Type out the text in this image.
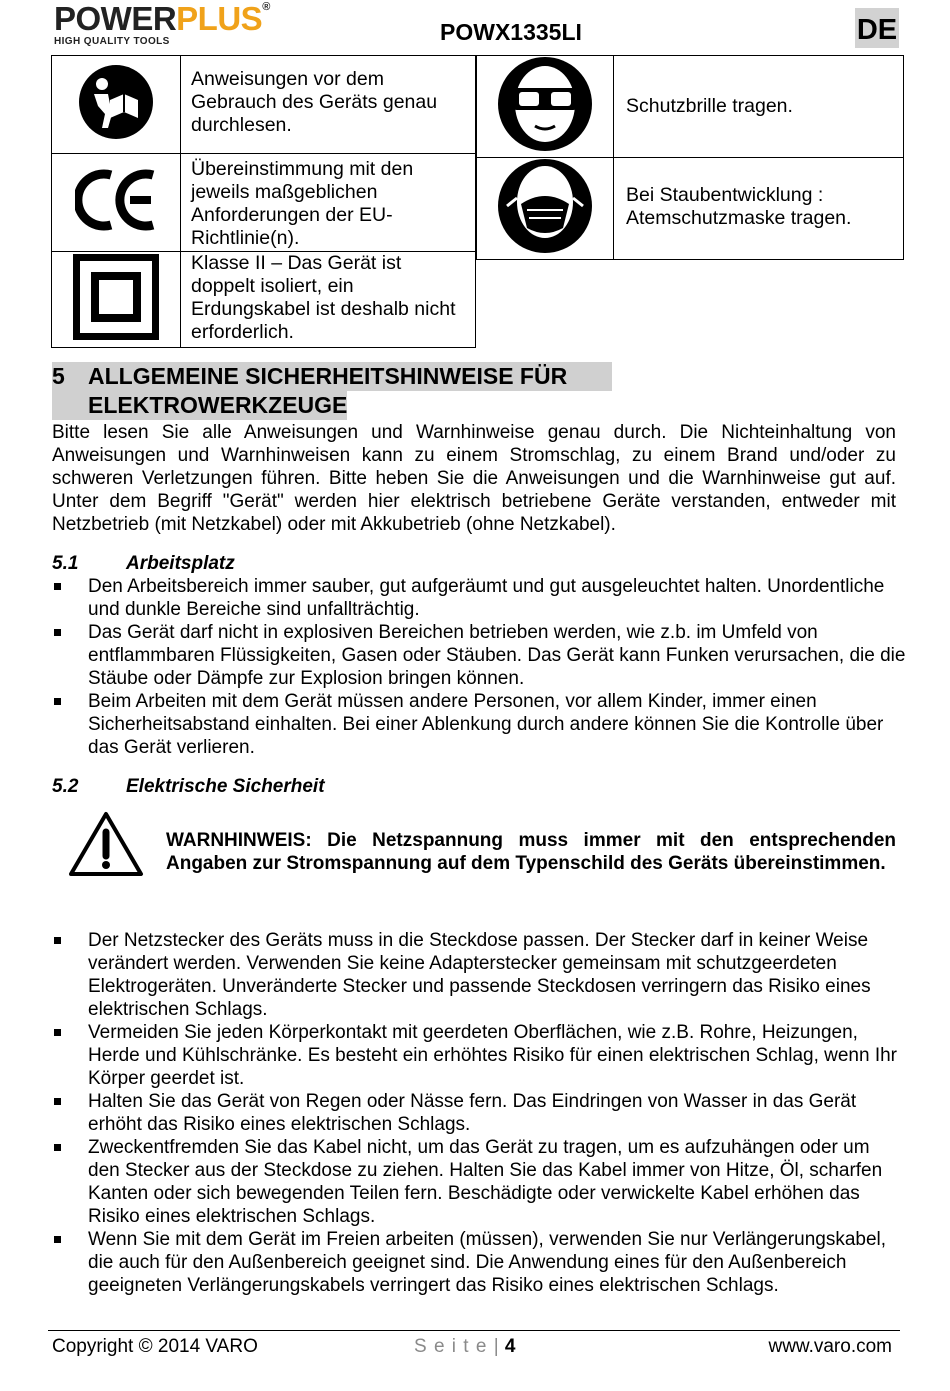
POWERPLUS®
HIGH QUALITY TOOLS	POWX1335LI	DE

Anweisungen vor dem Gebrauch des Geräts genau durchlesen.

Übereinstimmung mit den jeweils maßgeblichen Anforderungen der EU-Richtlinie(n).

Klasse II – Das Gerät ist doppelt isoliert, ein Erdungskabel ist deshalb nicht erforderlich.

Schutzbrille tragen.

Bei Staubentwicklung : Atemschutzmaske tragen.
5 ALLGEMEINE SICHERHEITSHINWEISE FÜR
ELEKTROWERKZEUGE
Bitte lesen Sie alle Anweisungen und Warnhinweise genau durch. Die Nichteinhaltung von Anweisungen und Warnhinweisen kann zu einem Stromschlag, zu einem Brand und/oder zu schweren Verletzungen führen. Bitte heben Sie die Anweisungen und die Warnhinweise gut auf. Unter dem Begriff "Gerät" werden hier elektrisch betriebene Geräte verstanden, entweder mit Netzbetrieb (mit Netzkabel) oder mit Akkubetrieb (ohne Netzkabel).
5.1	Arbeitsplatz
Den Arbeitsbereich immer sauber, gut aufgeräumt und gut ausgeleuchtet halten. Unordentliche und dunkle Bereiche sind unfallträchtig.
Das Gerät darf nicht in explosiven Bereichen betrieben werden, wie z.b. im Umfeld von entflammbaren Flüssigkeiten, Gasen oder Stäuben. Das Gerät kann Funken verursachen, die die Stäube oder Dämpfe zur Explosion bringen können.
Beim Arbeiten mit dem Gerät müssen andere Personen, vor allem Kinder, immer einen Sicherheitsabstand einhalten. Bei einer Ablenkung durch andere können Sie die Kontrolle über das Gerät verlieren.
5.2	Elektrische Sicherheit
WARNHINWEIS: Die Netzspannung muss immer mit den entsprechenden Angaben zur Stromspannung auf dem Typenschild des Geräts übereinstimmen.
Der Netzstecker des Geräts muss in die Steckdose passen. Der Stecker darf in keiner Weise verändert werden. Verwenden Sie keine Adapterstecker gemeinsam mit schutzgeerdeten Elektrogeräten. Unveränderte Stecker und passende Steckdosen verringern das Risiko eines elektrischen Schlags.
Vermeiden Sie jeden Körperkontakt mit geerdeten Oberflächen, wie z.B. Rohre, Heizungen, Herde und Kühlschränke. Es besteht ein erhöhtes Risiko für einen elektrischen Schlag, wenn Ihr Körper geerdet ist.
Halten Sie das Gerät von Regen oder Nässe fern. Das Eindringen von Wasser in das Gerät erhöht das Risiko eines elektrischen Schlags.
Zweckentfremden Sie das Kabel nicht, um das Gerät zu tragen, um es aufzuhängen oder um den Stecker aus der Steckdose zu ziehen. Halten Sie das Kabel immer von Hitze, Öl, scharfen Kanten oder sich bewegenden Teilen fern. Beschädigte oder verwickelte Kabel erhöhen das Risiko eines elektrischen Schlags.
Wenn Sie mit dem Gerät im Freien arbeiten (müssen), verwenden Sie nur Verlängerungskabel, die auch für den Außenbereich geeignet sind. Die Anwendung eines für den Außenbereich geeigneten Verlängerungskabels verringert das Risiko eines elektrischen Schlags.
Copyright © 2014 VARO	S e i t e | 4	www.varo.com
